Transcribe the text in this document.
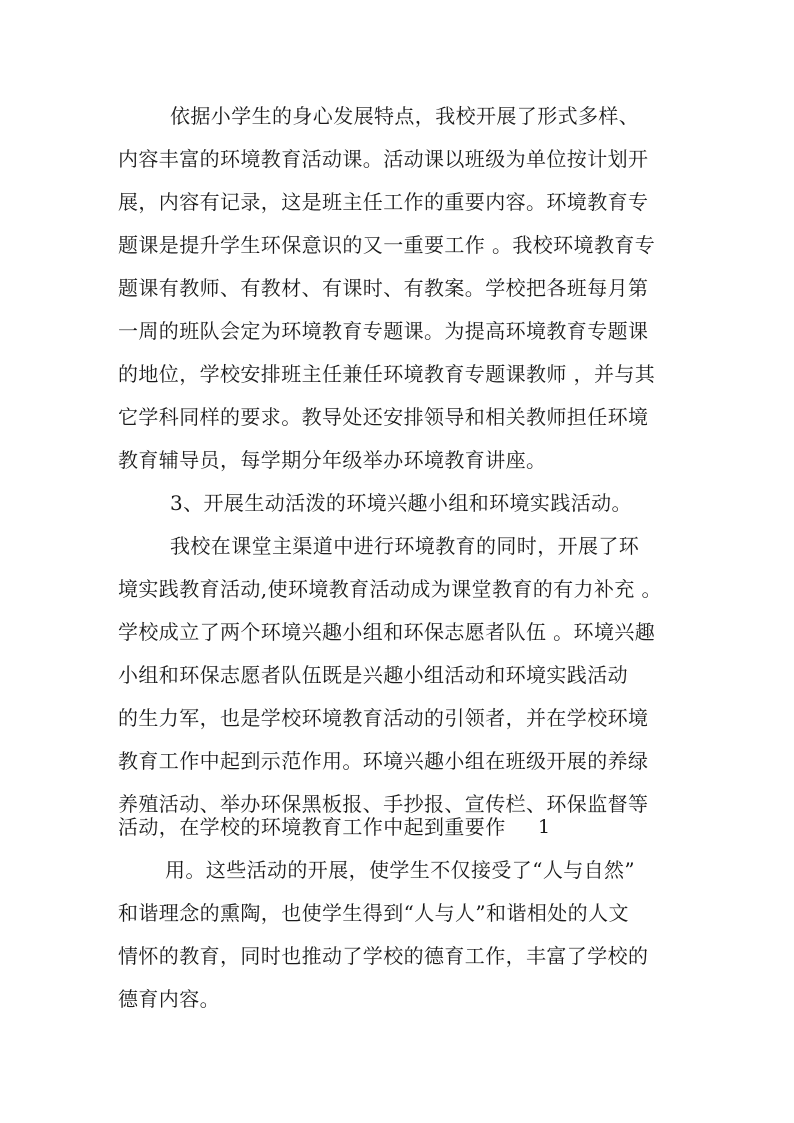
依据小学生的身心发展特点，我校开展了形式多样、
内容丰富的环境教育活动课。活动课以班级为单位按计划开
展，内容有记录，这是班主任工作的重要内容。环境教育专
题课是提升学生环保意识的又一重要工作 。我校环境教育专
题课有教师、有教材、有课时、有教案。学校把各班每月第
一周的班队会定为环境教育专题课。为提高环境教育专题课
的地位，学校安排班主任兼任环境教育专题课教师 ，并与其
它学科同样的要求。教导处还安排领导和相关教师担任环境
教育辅导员，每学期分年级举办环境教育讲座。
3、开展生动活泼的环境兴趣小组和环境实践活动。
我校在课堂主渠道中进行环境教育的同时，开展了环
境实践教育活动,使环境教育活动成为课堂教育的有力补充 。
学校成立了两个环境兴趣小组和环保志愿者队伍 。环境兴趣
小组和环保志愿者队伍既是兴趣小组活动和环境实践活动
的生力军，也是学校环境教育活动的引领者，并在学校环境
教育工作中起到示范作用。环境兴趣小组在班级开展的养绿
养殖活动、举办环保黑板报、手抄报、宣传栏、环保监督等
活动，在学校的环境教育工作中起到重要作 1
用。这些活动的开展，使学生不仅接受了“人与自然”
和谐理念的熏陶，也使学生得到“人与人”和谐相处的人文
情怀的教育，同时也推动了学校的德育工作，丰富了学校的
德育内容。
